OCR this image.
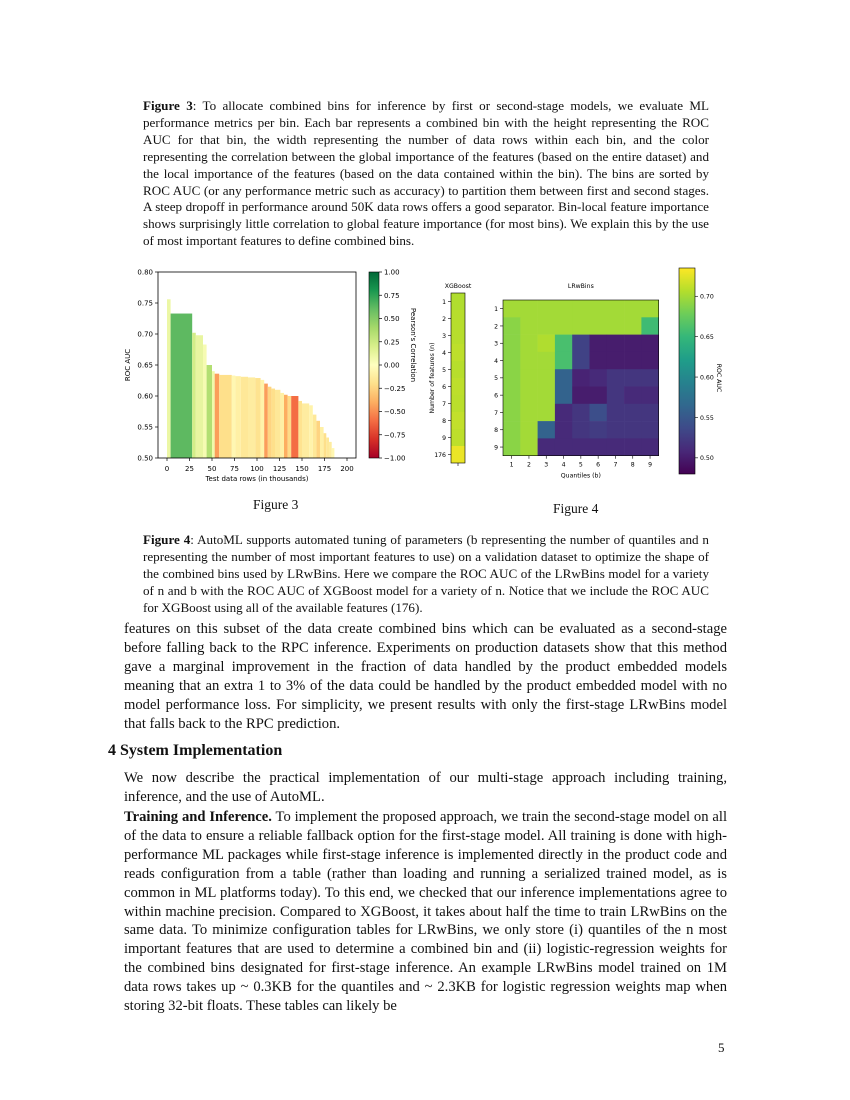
Figure 3: To allocate combined bins for inference by first or second-stage models, we evaluate ML performance metrics per bin. Each bar represents a combined bin with the height representing the ROC AUC for that bin, the width representing the number of data rows within each bin, and the color representing the correlation between the global importance of the features (based on the entire dataset) and the local importance of the features (based on the data contained within the bin). The bins are sorted by ROC AUC (or any performance metric such as accuracy) to partition them between first and second stages. A steep dropoff in performance around 50K data rows offers a good separator. Bin-local feature importance shows surprisingly little correlation to global feature importance (for most bins). We explain this by the use of most important features to define combined bins.
0 25 50 75 100 125 150 175 200
0.50
0.55
0.60
0.65
0.70
0.75
0.80
Test data rows (in thousands)
ROC AUC
1.00
0.75
0.50
0.25
0.00
−0.25
−0.50
−0.75
−1.00
Pearson's Correlation
XGBoost
1
2
3
4
5
6
7
8
9
176
Number of features (n)
LRwBins
1
2
3
4
5
6
7
8
9
1 2 3 4 5 6 7 8 9
Quantiles (b)
0.70
0.65
0.60
0.55
0.50
ROC AUC
Figure 3	Figure 4
Figure 4: AutoML supports automated tuning of parameters (b representing the number of quantiles and n representing the number of most important features to use) on a validation dataset to optimize the shape of the combined bins used by LRwBins. Here we compare the ROC AUC of the LRwBins model for a variety of n and b with the ROC AUC of XGBoost model for a variety of n. Notice that we include the ROC AUC for XGBoost using all of the available features (176).
features on this subset of the data create combined bins which can be evaluated as a second-stage before falling back to the RPC inference. Experiments on production datasets show that this method gave a marginal improvement in the fraction of data handled by the product embedded models meaning that an extra 1 to 3% of the data could be handled by the product embedded model with no model performance loss. For simplicity, we present results with only the first-stage LRwBins model that falls back to the RPC prediction.
4 System Implementation
We now describe the practical implementation of our multi-stage approach including training, inference, and the use of AutoML.
Training and Inference. To implement the proposed approach, we train the second-stage model on all of the data to ensure a reliable fallback option for the first-stage model. All training is done with high-performance ML packages while first-stage inference is implemented directly in the product code and reads configuration from a table (rather than loading and running a serialized trained model, as is common in ML platforms today). To this end, we checked that our inference implementations agree to within machine precision. Compared to XGBoost, it takes about half the time to train LRwBins on the same data. To minimize configuration tables for LRwBins, we only store (i) quantiles of the n most important features that are used to determine a combined bin and (ii) logistic-regression weights for the combined bins designated for first-stage inference. An example LRwBins model trained on 1M data rows takes up ~ 0.3KB for the quantiles and ~ 2.3KB for logistic regression weights map when storing 32-bit floats. These tables can likely be
5
